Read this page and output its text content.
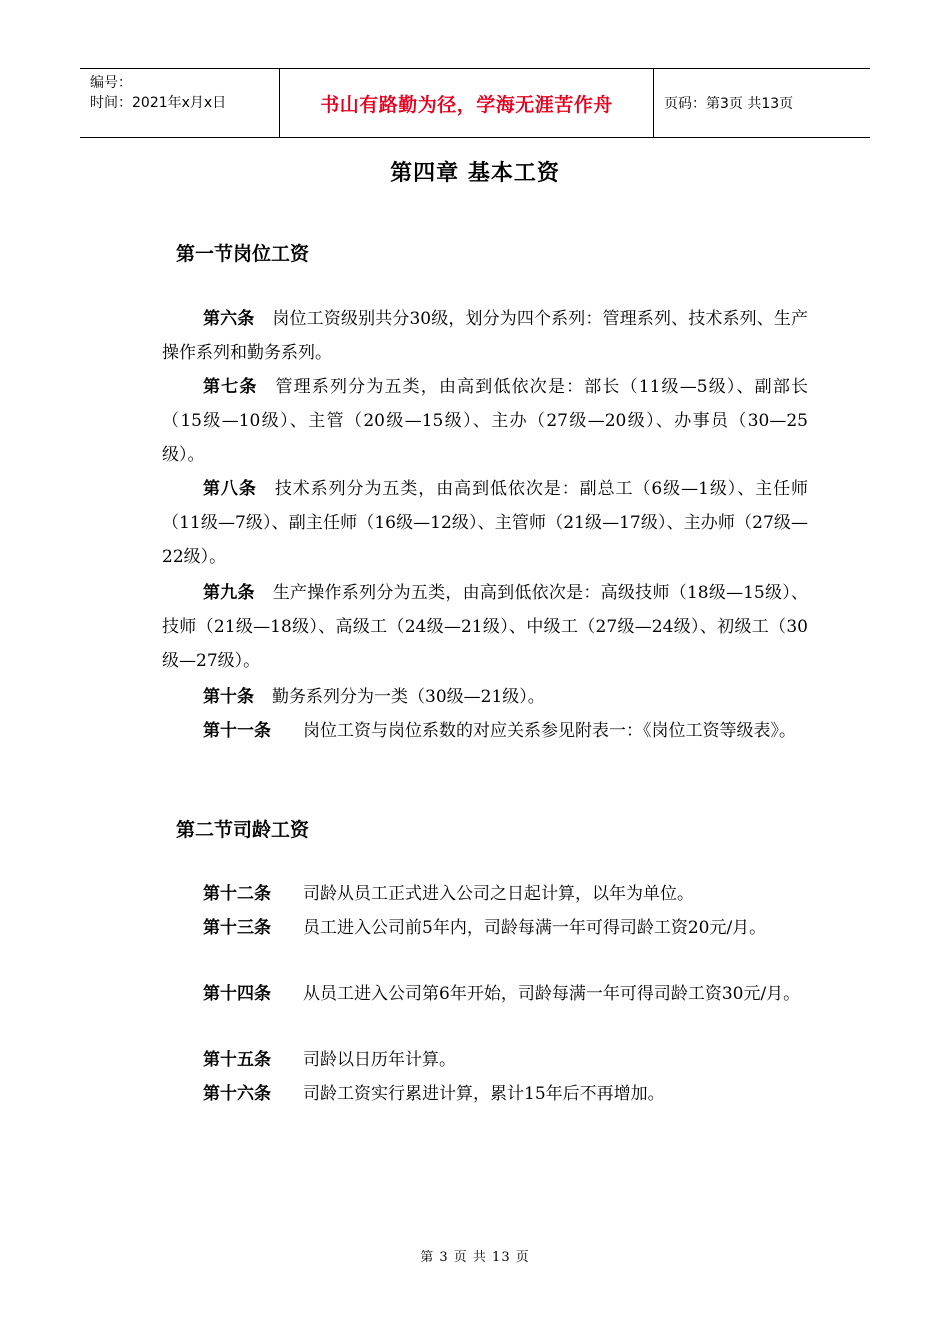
编号：
时间：2021年x月x日	书山有路勤为径，学海无涯苦作舟	页码：第3页 共13页
第四章 基本工资
第一节岗位工资
第六条 岗位工资级别共分30级，划分为四个系列：管理系列、技术系列、生产操作系列和勤务系列。
第七条 管理系列分为五类，由高到低依次是：部长（11级—5级）、副部长（15级—10级）、主管（20级—15级）、主办（27级—20级）、办事员（30—25级）。
第八条 技术系列分为五类，由高到低依次是：副总工（6级—1级）、主任师（11级—7级）、副主任师（16级—12级）、主管师（21级—17级）、主办师（27级—22级）。
第九条 生产操作系列分为五类，由高到低依次是：高级技师（18级—15级）、技师（21级—18级）、高级工（24级—21级）、中级工（27级—24级）、初级工（30级—27级）。
第十条 勤务系列分为一类（30级—21级）。
第十一条 岗位工资与岗位系数的对应关系参见附表一：《岗位工资等级表》。
第二节司龄工资
第十二条 司龄从员工正式进入公司之日起计算，以年为单位。
第十三条 员工进入公司前5年内，司龄每满一年可得司龄工资20元/月。
第十四条 从员工进入公司第6年开始，司龄每满一年可得司龄工资30元/月。
第十五条 司龄以日历年计算。
第十六条 司龄工资实行累进计算，累计15年后不再增加。
第 3 页 共 13 页
